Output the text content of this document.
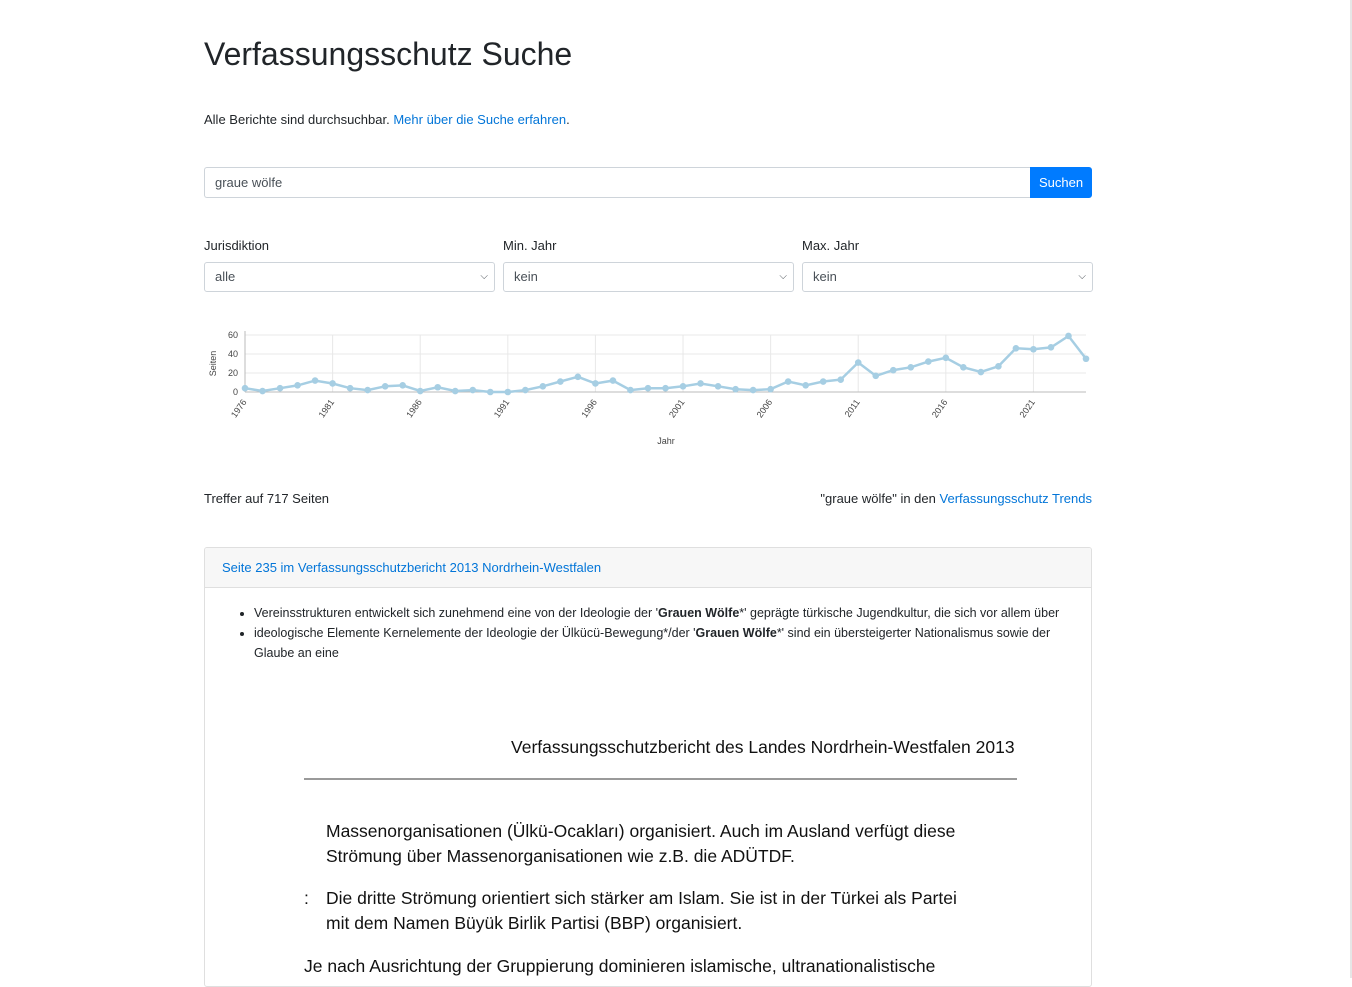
Verfassungsschutz Suche
Alle Berichte sind durchsuchbar. Mehr über die Suche erfahren.
graue wölfe
Suchen
Jurisdiktion
alle	⌵
Min. Jahr
kein	⌵
Max. Jahr
kein	⌵
0
20
40
60
1976	1981	1986	1991	1996	2001	2006	2011	2016	2021
Seiten
Jahr
Treffer auf 717 Seiten	"graue wölfe" in den Verfassungsschutz Trends
Seite 235 im Verfassungsschutzbericht 2013 Nordrhein-Westfalen
• Vereinsstrukturen entwickelt sich zunehmend eine von der Ideologie der 'Grauen Wölfe*' geprägte türkische Jugendkultur, die sich vor allem über
• ideologische Elemente Kernelemente der Ideologie der Ülkücü-Bewegung*/der 'Grauen Wölfe*' sind ein übersteigerter Nationalismus sowie der Glaube an eine
Verfassungsschutzbericht des Landes Nordrhein-Westfalen 2013
Massenorganisationen (Ülkü-Ocakları) organisiert. Auch im Ausland verfügt diese
Strömung über Massenorganisationen wie z.B. die ADÜTDF.
: Die dritte Strömung orientiert sich stärker am Islam. Sie ist in der Türkei als Partei
mit dem Namen Büyük Birlik Partisi (BBP) organisiert.
Je nach Ausrichtung der Gruppierung dominieren islamische, ultranationalistische
